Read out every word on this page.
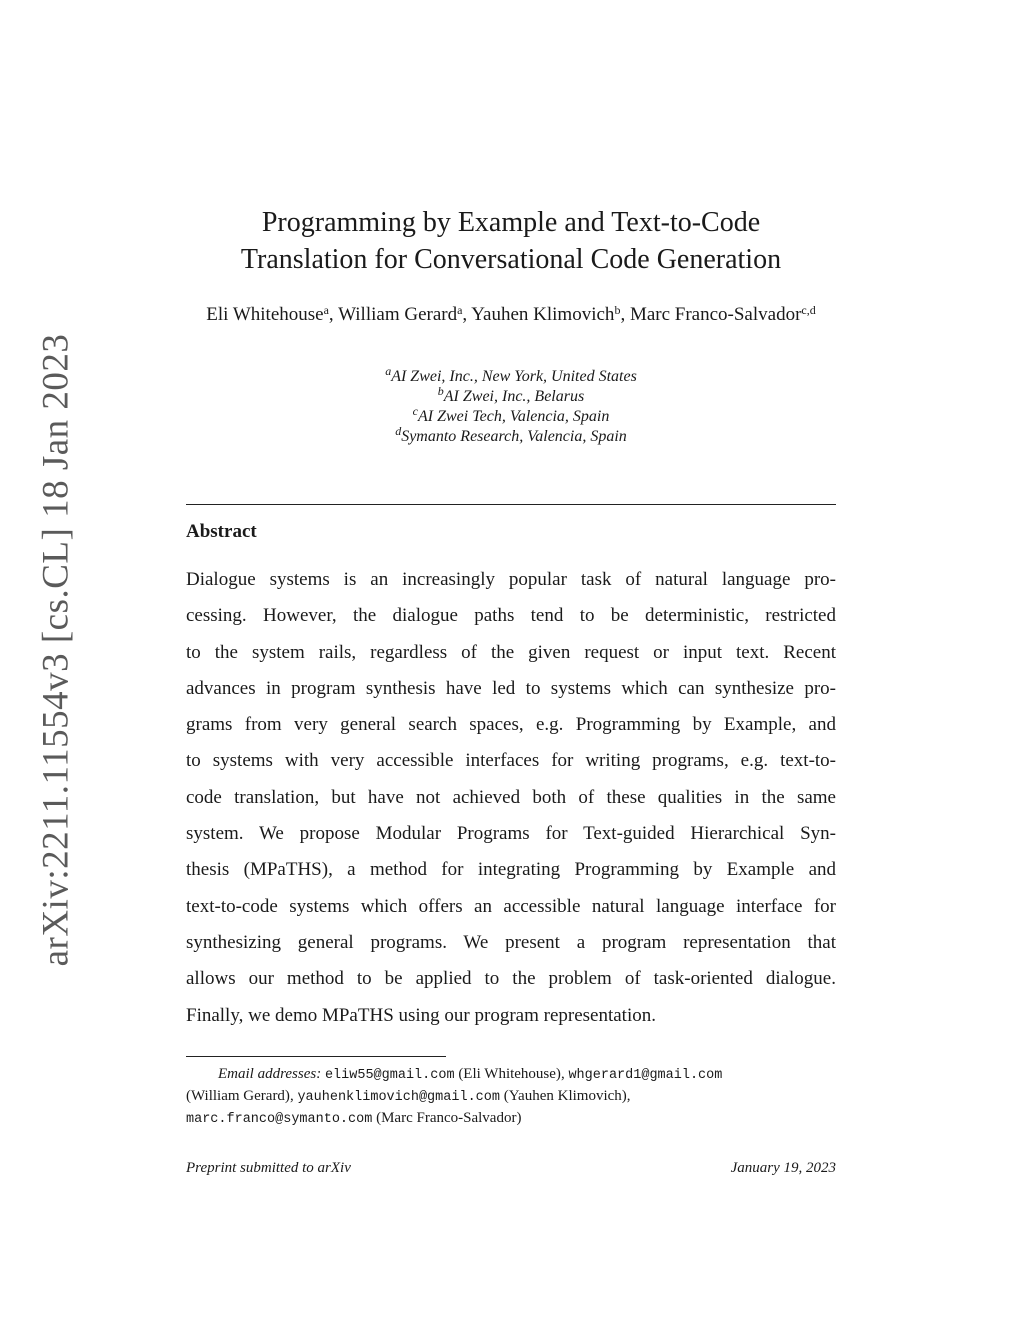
arXiv:2211.11554v3 [cs.CL] 18 Jan 2023
Programming by Example and Text-to-Code
Translation for Conversational Code Generation
Eli Whitehouse$^a$, William Gerard$^a$, Yauhen Klimovich$^b$, Marc Franco-Salvador$^{c,d}$
$^a$AI Zwei, Inc., New York, United States
$^b$AI Zwei, Inc., Belarus
$^c$AI Zwei Tech, Valencia, Spain
$^d$Symanto Research, Valencia, Spain
Abstract
Dialogue systems is an increasingly popular task of natural language pro-
cessing. However, the dialogue paths tend to be deterministic, restricted
to the system rails, regardless of the given request or input text. Recent
advances in program synthesis have led to systems which can synthesize pro-
grams from very general search spaces, e.g. Programming by Example, and
to systems with very accessible interfaces for writing programs, e.g. text-to-
code translation, but have not achieved both of these qualities in the same
system. We propose Modular Programs for Text-guided Hierarchical Syn-
thesis (MPaTHS), a method for integrating Programming by Example and
text-to-code systems which offers an accessible natural language interface for
synthesizing general programs. We present a program representation that
allows our method to be applied to the problem of task-oriented dialogue.
Finally, we demo MPaTHS using our program representation.
Email addresses: eliw55@gmail.com (Eli Whitehouse), whgerard1@gmail.com
(William Gerard), yauhenklimovich@gmail.com (Yauhen Klimovich),
marc.franco@symanto.com (Marc Franco-Salvador)
Preprint submitted to arXiv	January 19, 2023
